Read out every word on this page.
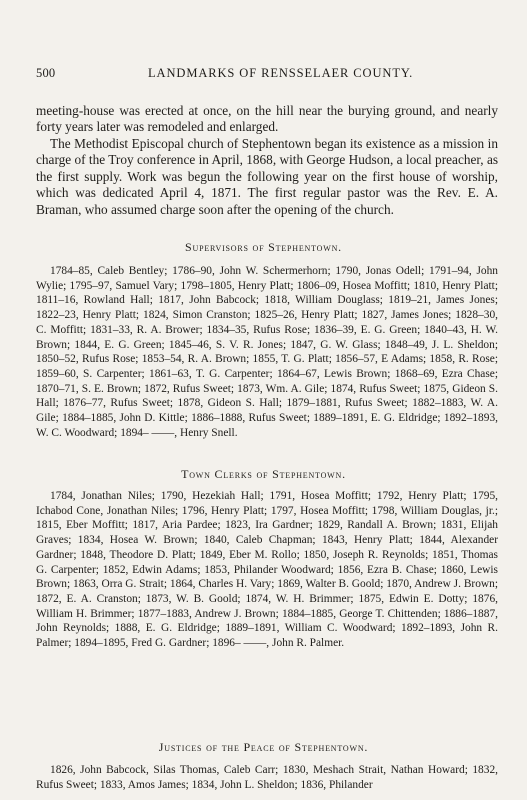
500	LANDMARKS OF RENSSELAER COUNTY.

meeting-house was erected at once, on the hill near the burying ground, and nearly forty years later was remodeled and enlarged.

The Methodist Episcopal church of Stephentown began its existence as a mission in charge of the Troy conference in April, 1868, with George Hudson, a local preacher, as the first supply. Work was begun the following year on the first house of worship, which was dedicated April 4, 1871. The first regular pastor was the Rev. E. A. Braman, who assumed charge soon after the opening of the church.

Supervisors of Stephentown.

1784–85, Caleb Bentley; 1786–90, John W. Schermerhorn; 1790, Jonas Odell; 1791–94, John Wylie; 1795–97, Samuel Vary; 1798–1805, Henry Platt; 1806–09, Hosea Moffitt; 1810, Henry Platt; 1811–16, Rowland Hall; 1817, John Babcock; 1818, William Douglass; 1819–21, James Jones; 1822–23, Henry Platt; 1824, Simon Cranston; 1825–26, Henry Platt; 1827, James Jones; 1828–30, C. Moffitt; 1831–33, R. A. Brower; 1834–35, Rufus Rose; 1836–39, E. G. Green; 1840–43, H. W. Brown; 1844, E. G. Green; 1845–46, S. V. R. Jones; 1847, G. W. Glass; 1848–49, J. L. Sheldon; 1850–52, Rufus Rose; 1853–54, R. A. Brown; 1855, T. G. Platt; 1856–57, E Adams; 1858, R. Rose; 1859–60, S. Carpenter; 1861–63, T. G. Carpenter; 1864–67, Lewis Brown; 1868–69, Ezra Chase; 1870–71, S. E. Brown; 1872, Rufus Sweet; 1873, Wm. A. Gile; 1874, Rufus Sweet; 1875, Gideon S. Hall; 1876–77, Rufus Sweet; 1878, Gideon S. Hall; 1879–1881, Rufus Sweet; 1882–1883, W. A. Gile; 1884–1885, John D. Kittle; 1886–1888, Rufus Sweet; 1889–1891, E. G. Eldridge; 1892–1893, W. C. Woodward; 1894– ——, Henry Snell.

Town Clerks of Stephentown.

1784, Jonathan Niles; 1790, Hezekiah Hall; 1791, Hosea Moffitt; 1792, Henry Platt; 1795, Ichabod Cone, Jonathan Niles; 1796, Henry Platt; 1797, Hosea Moffitt; 1798, William Douglas, jr.; 1815, Eber Moffitt; 1817, Aria Pardee; 1823, Ira Gardner; 1829, Randall A. Brown; 1831, Elijah Graves; 1834, Hosea W. Brown; 1840, Caleb Chapman; 1843, Henry Platt; 1844, Alexander Gardner; 1848, Theodore D. Platt; 1849, Eber M. Rollo; 1850, Joseph R. Reynolds; 1851, Thomas G. Carpenter; 1852, Edwin Adams; 1853, Philander Woodward; 1856, Ezra B. Chase; 1860, Lewis Brown; 1863, Orra G. Strait; 1864, Charles H. Vary; 1869, Walter B. Goold; 1870, Andrew J. Brown; 1872, E. A. Cranston; 1873, W. B. Goold; 1874, W. H. Brimmer; 1875, Edwin E. Dotty; 1876, William H. Brimmer; 1877–1883, Andrew J. Brown; 1884–1885, George T. Chittenden; 1886–1887, John Reynolds; 1888, E. G. Eldridge; 1889–1891, William C. Woodward; 1892–1893, John R. Palmer; 1894–1895, Fred G. Gardner; 1896– ——, John R. Palmer.

Justices of the Peace of Stephentown.

1826, John Babcock, Silas Thomas, Caleb Carr; 1830, Meshach Strait, Nathan Howard; 1832, Rufus Sweet; 1833, Amos James; 1834, John L. Sheldon; 1836, Philander
